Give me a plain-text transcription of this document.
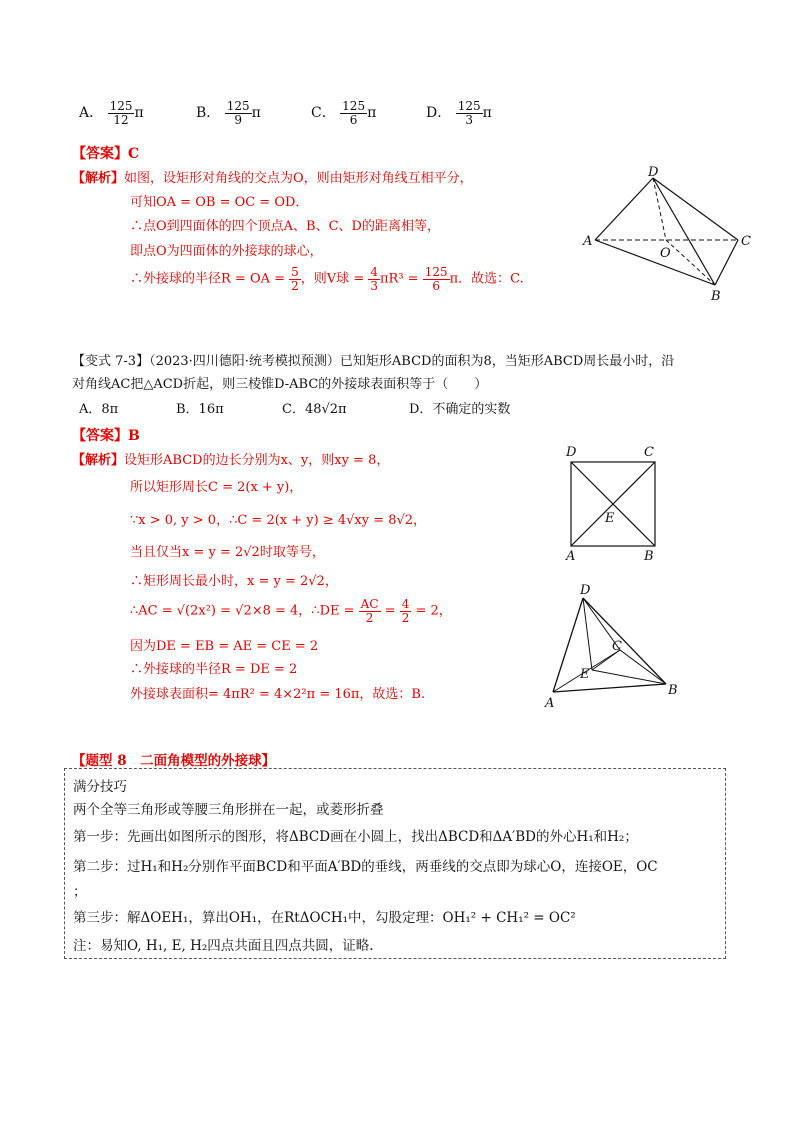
A． $\frac{125}{12}$ π	B． $\frac{125}{9}$ π	C． $\frac{125}{6}$ π	D． $\frac{125}{3}$ π
【答案】C
【解析】如图，设矩形对角线的交点为O，则由矩形对角线互相平分，
可知OA = OB = OC = OD．
∴点O到四面体的四个顶点A、B、C、D的距离相等，
即点O为四面体的外接球的球心，
∴外接球的半径R = OA = $\frac{5}{2}$ ，则V球 = $\frac{4}{3} \pi R^3 = \frac{125}{6}$ π．故选：C.
D
A	C
O
B
【变式 7-3】（2023·四川德阳·统考模拟预测）已知矩形ABCD的面积为8，当矩形ABCD周长最小时，沿
对角线AC把△ACD折起，则三棱锥D-ABC的外接球表面积等于（　　）
A．8π	B．16π	C．48√2π	D．不确定的实数
【答案】B
【解析】设矩形ABCD的边长分别为x、y，则xy = 8，
所以矩形周长C = 2(x + y)，
∵x > 0, y > 0，∴C = 2(x + y) ≥ 4√xy = 8√2，
当且仅当x = y = 2√2时取等号，
∴矩形周长最小时，x = y = 2√2，
∴AC = √(2x²) = √2×8 = 4，∴DE = $\frac{AC}{2} = \frac{4}{2} = 2$，
因为DE = EB = AE = CE = 2
∴外接球的半径R = DE = 2
外接球表面积= 4πR² = 4×2²π = 16π，故选：B.
D	C
E
A	B
D
C
E
A
B
【题型 8　二面角模型的外接球】
满分技巧
两个全等三角形或等腰三角形拼在一起，或菱形折叠
第一步：先画出如图所示的图形，将ΔBCD画在小圆上，找出ΔBCD和ΔA′BD的外心H₁和H₂；
第二步：过H₁和H₂分别作平面BCD和平面A′BD的垂线，两垂线的交点即为球心O，连接OE，OC
；
第三步：解ΔOEH₁，算出OH₁，在RtΔOCH₁中，勾股定理：OH₁² + CH₁² = OC²
注：易知O, H₁, E, H₂四点共面且四点共圆，证略.
